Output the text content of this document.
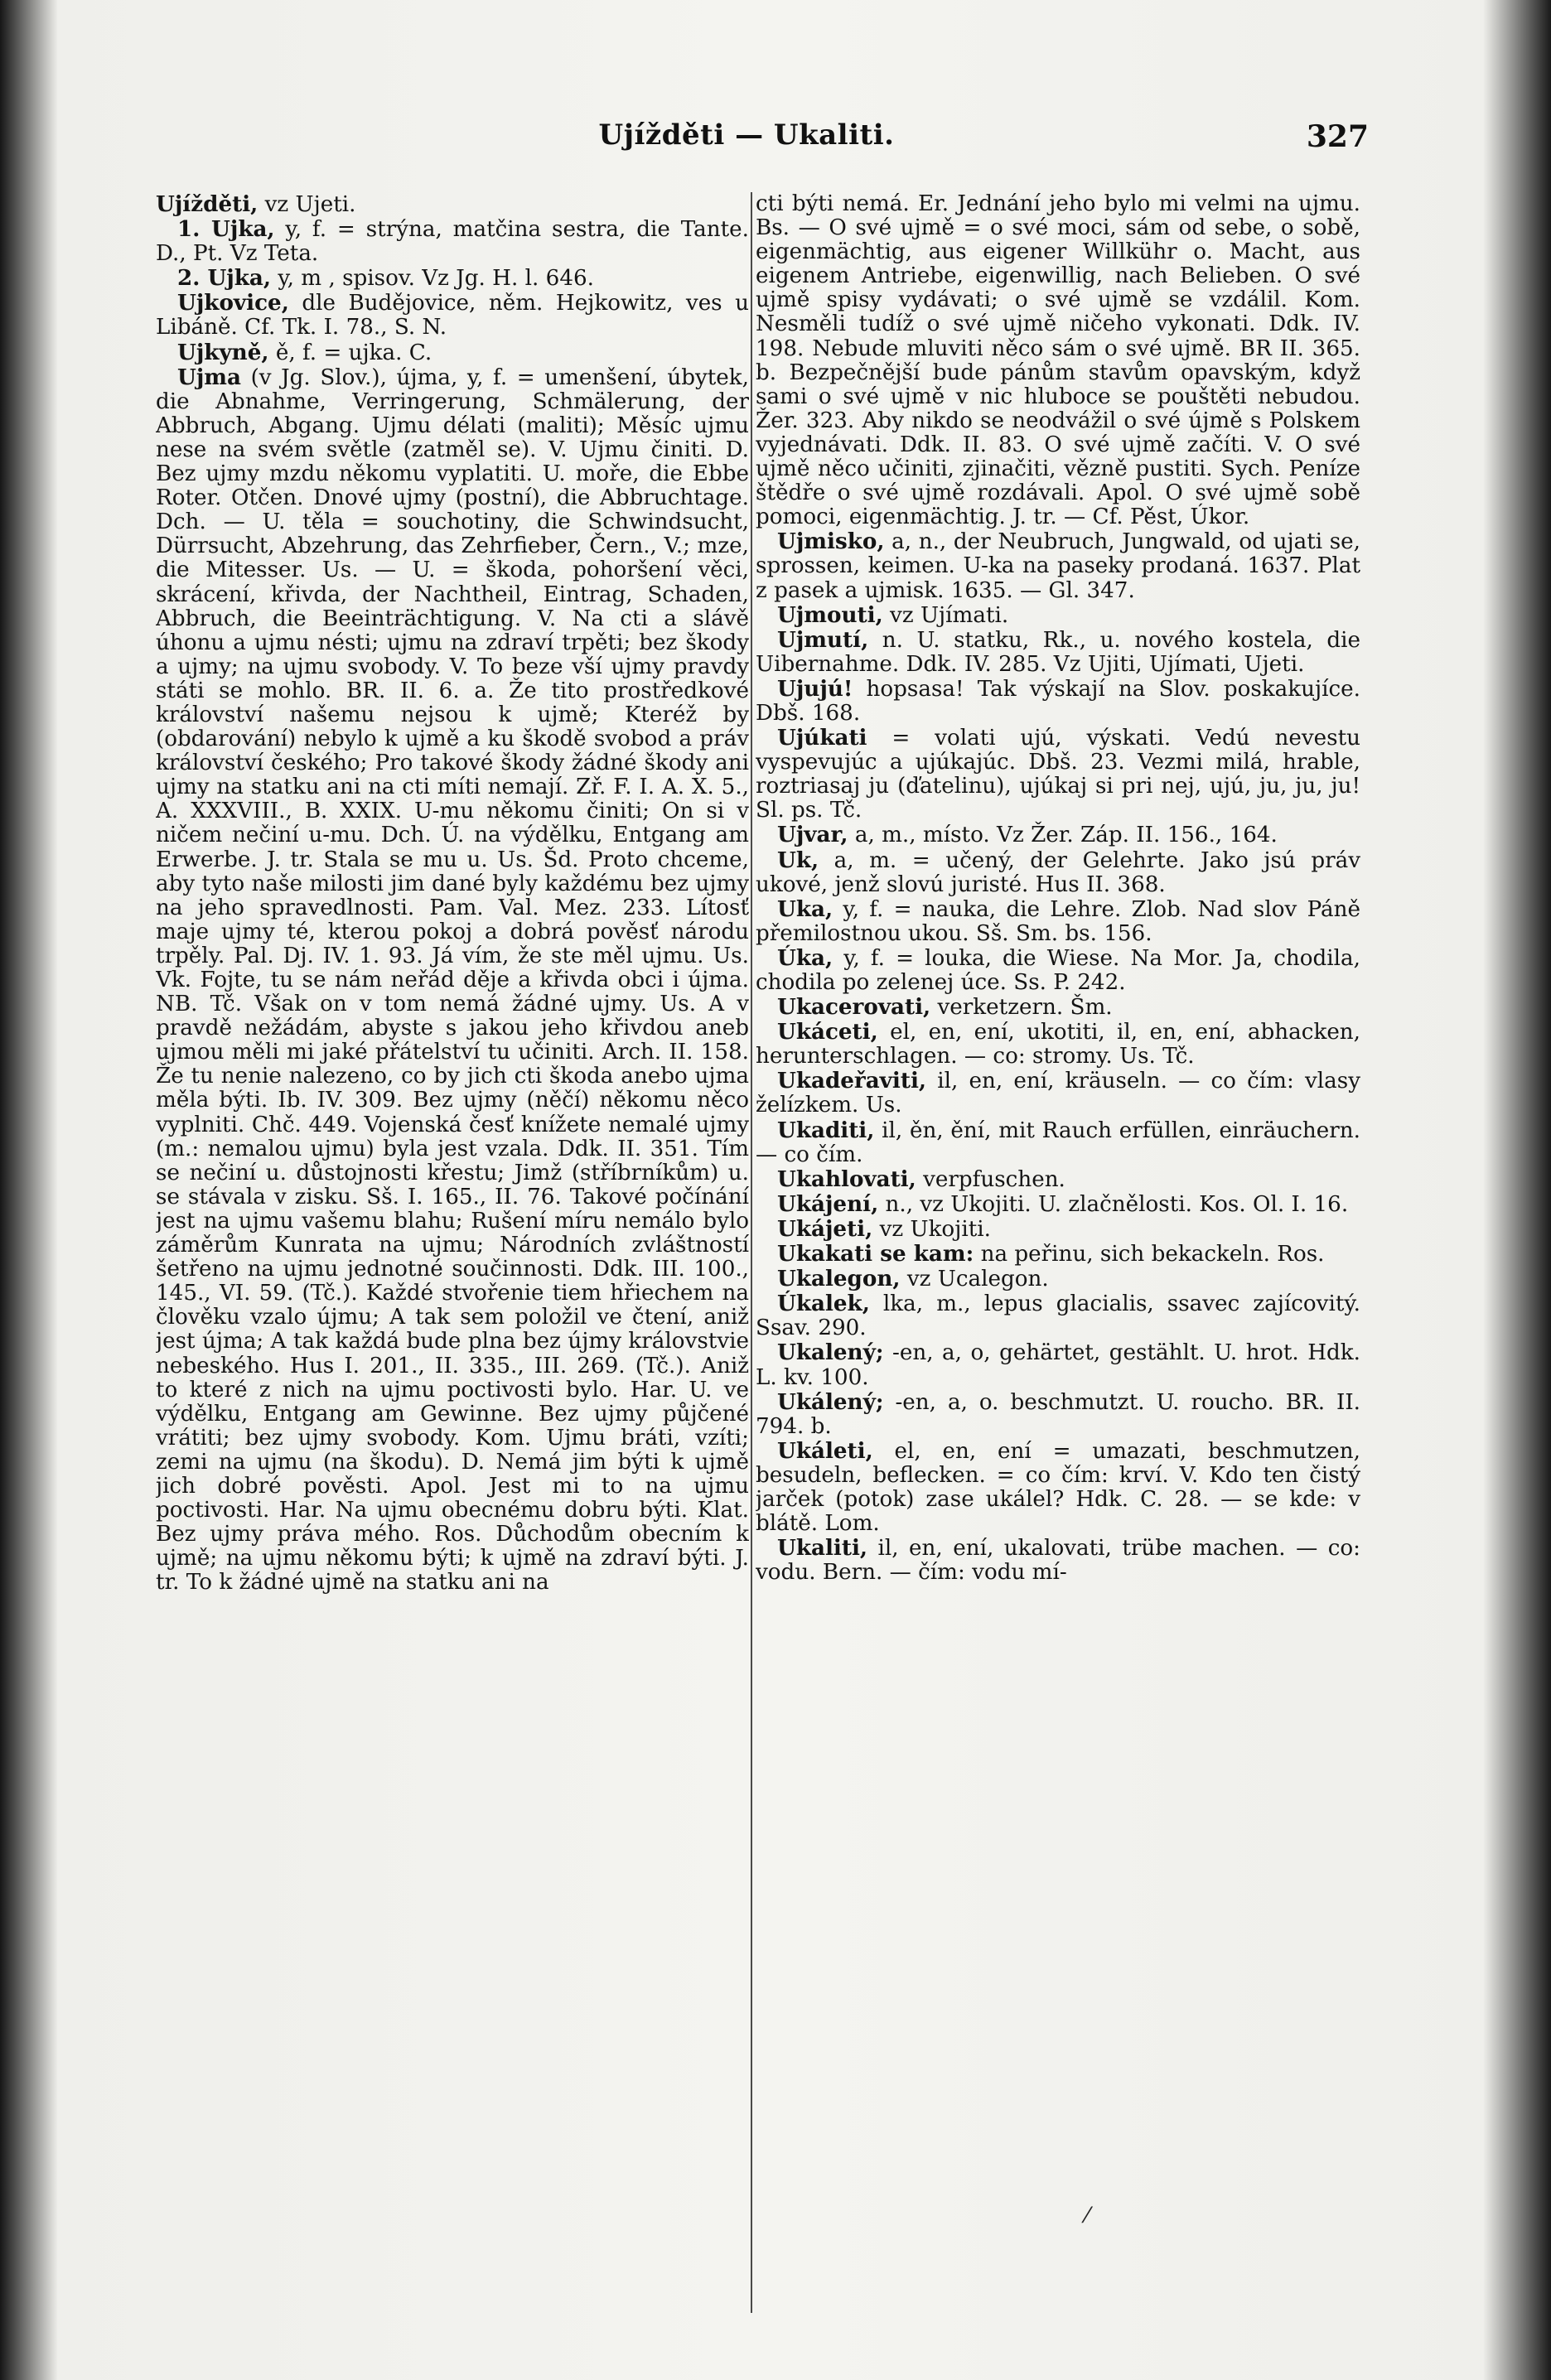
Ujížděti — Ukaliti.	327

Ujížděti, vz Ujeti.

1. Ujka, y, f. = strýna, matčina sestra, die Tante. D., Pt. Vz Teta.

2. Ujka, y, m , spisov. Vz Jg. H. l. 646.

Ujkovice, dle Budějovice, něm. Hejkowitz, ves u Libáně. Cf. Tk. I. 78., S. N.

Ujkyně, ě, f. = ujka. C.

Ujma (v Jg. Slov.), újma, y, f. = umenšení, úbytek, die Abnahme, Verringerung, Schmälerung, der Abbruch, Abgang. Ujmu délati (maliti); Měsíc ujmu nese na svém světle (zatměl se). V. Ujmu činiti. D. Bez ujmy mzdu někomu vyplatiti. U. moře, die Ebbe Roter. Otčen. Dnové ujmy (postní), die Abbruchtage. Dch. — U. těla = souchotiny, die Schwindsucht, Dürrsucht, Abzehrung, das Zehrfieber, Čern., V.; mze, die Mitesser. Us. — U. = škoda, pohoršení věci, skrácení, křivda, der Nachtheil, Eintrag, Schaden, Abbruch, die Beeinträchtigung. V. Na cti a slávě úhonu a ujmu nésti; ujmu na zdraví trpěti; bez škody a ujmy; na ujmu svobody. V. To beze vší ujmy pravdy státi se mohlo. BR. II. 6. a. Že tito prostředkové království našemu nejsou k ujmě; Kteréž by (obdarování) nebylo k ujmě a ku škodě svobod a práv království českého; Pro takové škody žádné škody ani ujmy na statku ani na cti míti nemají. Zř. F. I. A. X. 5., A. XXXVIII., B. XXIX. U-mu někomu činiti; On si v ničem nečiní u-mu. Dch. Ú. na výdělku, Entgang am Erwerbe. J. tr. Stala se mu u. Us. Šd. Proto chceme, aby tyto naše milosti jim dané byly každému bez ujmy na jeho spravedlnosti. Pam. Val. Mez. 233. Lítosť maje ujmy té, kterou pokoj a dobrá pověsť národu trpěly. Pal. Dj. IV. 1. 93. Já vím, že ste měl ujmu. Us. Vk. Fojte, tu se nám neřád děje a křivda obci i újma. NB. Tč. Však on v tom nemá žádné ujmy. Us. A v pravdě nežádám, abyste s jakou jeho křivdou aneb ujmou měli mi jaké přátelství tu učiniti. Arch. II. 158. Že tu nenie nalezeno, co by jich cti škoda anebo ujma měla býti. Ib. IV. 309. Bez ujmy (něčí) někomu něco vyplniti. Chč. 449. Vojenská česť knížete nemalé ujmy (m.: nemalou ujmu) byla jest vzala. Ddk. II. 351. Tím se nečiní u. důstojnosti křestu; Jimž (stříbrníkům) u. se stávala v zisku. Sš. I. 165., II. 76. Takové počínání jest na ujmu vašemu blahu; Rušení míru nemálo bylo záměrům Kunrata na ujmu; Národních zvláštností šetřeno na ujmu jednotné součinnosti. Ddk. III. 100., 145., VI. 59. (Tč.). Každé stvořenie tiem hřiechem na člověku vzalo újmu; A tak sem položil ve čtení, aniž jest újma; A tak každá bude plna bez újmy královstvie nebeského. Hus I. 201., II. 335., III. 269. (Tč.). Aniž to které z nich na ujmu poctivosti bylo. Har. U. ve výdělku, Entgang am Gewinne. Bez ujmy půjčené vrátiti; bez ujmy svobody. Kom. Ujmu bráti, vzíti; zemi na ujmu (na škodu). D. Nemá jim býti k ujmě jich dobré pověsti. Apol. Jest mi to na ujmu poctivosti. Har. Na ujmu obecnému dobru býti. Klat. Bez ujmy práva mého. Ros. Důchodům obecním k ujmě; na ujmu někomu býti; k ujmě na zdraví býti. J. tr. To k žádné ujmě na statku ani na

cti býti nemá. Er. Jednání jeho bylo mi velmi na ujmu. Bs. — O své ujmě = o své moci, sám od sebe, o sobě, eigenmächtig, aus eigener Willkühr o. Macht, aus eigenem Antriebe, eigenwillig, nach Belieben. O své ujmě spisy vydávati; o své ujmě se vzdálil. Kom. Nesměli tudíž o své ujmě ničeho vykonati. Ddk. IV. 198. Nebude mluviti něco sám o své ujmě. BR II. 365. b. Bezpečnější bude pánům stavům opavským, když sami o své ujmě v nic hluboce se pouštěti nebudou. Žer. 323. Aby nikdo se neodvážil o své újmě s Polskem vyjednávati. Ddk. II. 83. O své ujmě začíti. V. O své ujmě něco učiniti, zjinačiti, vězně pustiti. Sych. Peníze štědře o své ujmě rozdávali. Apol. O své ujmě sobě pomoci, eigenmächtig. J. tr. — Cf. Pěst, Úkor.

Ujmisko, a, n., der Neubruch, Jungwald, od ujati se, sprossen, keimen. U-ka na paseky prodaná. 1637. Plat z pasek a ujmisk. 1635. — Gl. 347.

Ujmouti, vz Ujímati.

Ujmutí, n. U. statku, Rk., u. nového kostela, die Uibernahme. Ddk. IV. 285. Vz Ujiti, Ujímati, Ujeti.

Ujujú! hopsasa! Tak výskají na Slov. poskakujíce. Dbš. 168.

Ujúkati = volati ujú, výskati. Vedú nevestu vyspevujúc a ujúkajúc. Dbš. 23. Vezmi milá, hrable, roztriasaj ju (ďatelinu), ujúkaj si pri nej, ujú, ju, ju, ju! Sl. ps. Tč.

Ujvar, a, m., místo. Vz Žer. Záp. II. 156., 164.

Uk, a, m. = učený, der Gelehrte. Jako jsú práv ukové, jenž slovú juristé. Hus II. 368.

Uka, y, f. = nauka, die Lehre. Zlob. Nad slov Páně přemilostnou ukou. Sš. Sm. bs. 156.

Úka, y, f. = louka, die Wiese. Na Mor. Ja, chodila, chodila po zelenej úce. Ss. P. 242.

Ukacerovati, verketzern. Šm.

Ukáceti, el, en, ení, ukotiti, il, en, ení, abhacken, herunterschlagen. — co: stromy. Us. Tč.

Ukadeřaviti, il, en, ení, kräuseln. — co čím: vlasy želízkem. Us.

Ukaditi, il, ěn, ění, mit Rauch erfüllen, einräuchern. — co čím.

Ukahlovati, verpfuschen.

Ukájení, n., vz Ukojiti. U. zlačnělosti. Kos. Ol. I. 16.

Ukájeti, vz Ukojiti.

Ukakati se kam: na peřinu, sich bekackeln. Ros.

Ukalegon, vz Ucalegon.

Úkalek, lka, m., lepus glacialis, ssavec zajícovitý. Ssav. 290.

Ukalený; -en, a, o, gehärtet, gestählt. U. hrot. Hdk. L. kv. 100.

Ukálený; -en, a, o. beschmutzt. U. roucho. BR. II. 794. b.

Ukáleti, el, en, ení = umazati, beschmutzen, besudeln, beflecken. = co čím: krví. V. Kdo ten čistý jarček (potok) zase ukálel? Hdk. C. 28. — se kde: v blátě. Lom.

Ukaliti, il, en, ení, ukalovati, trübe machen. — co: vodu. Bern. — čím: vodu mí-

⁄
